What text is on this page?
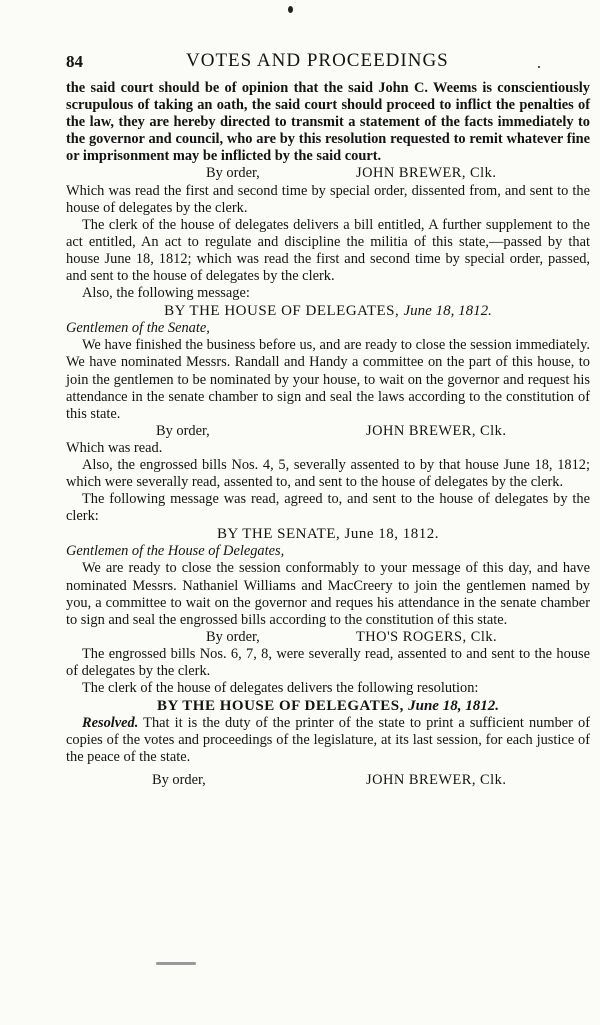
84	VOTES AND PROCEEDINGS

the said court should be of opinion that the said John C. Weems is conscientiously scrupulous of taking an oath, the said court should proceed to inflict the penalties of the law, they are hereby directed to transmit a statement of the facts immediately to the governor and council, who are by this resolution requested to remit whatever fine or imprisonment may be inflicted by the said court.

By order,	JOHN BREWER, Clk.

Which was read the first and second time by special order, dissented from, and sent to the house of delegates by the clerk.

The clerk of the house of delegates delivers a bill entitled, A further supplement to the act entitled, An act to regulate and discipline the militia of this state,—passed by that house June 18, 1812; which was read the first and second time by special order, passed, and sent to the house of delegates by the clerk.

Also, the following message:

BY THE HOUSE OF DELEGATES, June 18, 1812.

Gentlemen of the Senate,

We have finished the business before us, and are ready to close the session immediately. We have nominated Messrs. Randall and Handy a committee on the part of this house, to join the gentlemen to be nominated by your house, to wait on the governor and request his attendance in the senate chamber to sign and seal the laws according to the constitution of this state.

By order,	JOHN BREWER, Clk.

Which was read.

Also, the engrossed bills Nos. 4, 5, severally assented to by that house June 18, 1812; which were severally read, assented to, and sent to the house of delegates by the clerk.

The following message was read, agreed to, and sent to the house of delegates by the clerk:

BY THE SENATE, June 18, 1812.

Gentlemen of the House of Delegates,

We are ready to close the session conformably to your message of this day, and have nominated Messrs. Nathaniel Williams and MacCreery to join the gentlemen named by you, a committee to wait on the governor and reques his attendance in the senate chamber to sign and seal the engrossed bills according to the constitution of this state.

By order,	THO'S ROGERS, Clk.

The engrossed bills Nos. 6, 7, 8, were severally read, assented to and sent to the house of delegates by the clerk.

The clerk of the house of delegates delivers the following resolution:

BY THE HOUSE OF DELEGATES, June 18, 1812.

Resolved. That it is the duty of the printer of the state to print a sufficient number of copies of the votes and proceedings of the legislature, at its last session, for each justice of the peace of the state.

By order,	JOHN BREWER, Clk.
